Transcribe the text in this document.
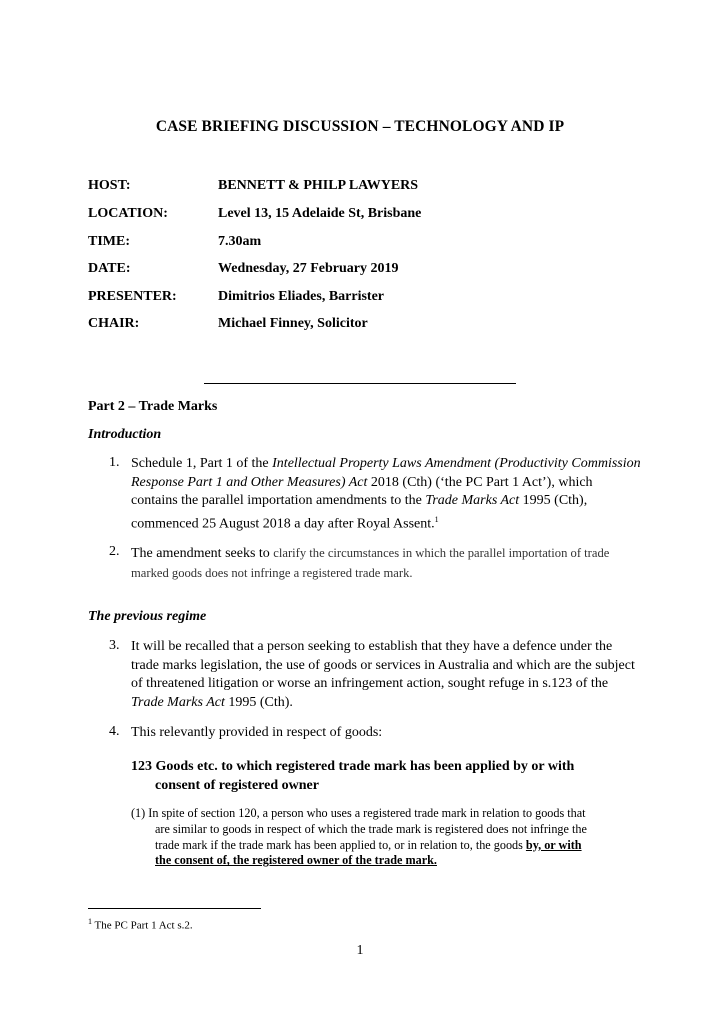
CASE BRIEFING DISCUSSION – TECHNOLOGY AND IP
HOST:	BENNETT & PHILP LAWYERS
LOCATION:	Level 13, 15 Adelaide St, Brisbane
TIME:	7.30am
DATE:	Wednesday, 27 February 2019
PRESENTER:	Dimitrios Eliades, Barrister
CHAIR:	Michael Finney, Solicitor
Part 2 – Trade Marks
Introduction
1. Schedule 1, Part 1 of the Intellectual Property Laws Amendment (Productivity Commission Response Part 1 and Other Measures) Act 2018 (Cth) (‘the PC Part 1 Act’), which contains the parallel importation amendments to the Trade Marks Act 1995 (Cth), commenced 25 August 2018 a day after Royal Assent.$^1$
2. The amendment seeks to clarify the circumstances in which the parallel importation of trade marked goods does not infringe a registered trade mark.
The previous regime
3. It will be recalled that a person seeking to establish that they have a defence under the trade marks legislation, the use of goods or services in Australia and which are the subject of threatened litigation or worse an infringement action, sought refuge in s.123 of the Trade Marks Act 1995 (Cth).
4. This relevantly provided in respect of goods:
123 Goods etc. to which registered trade mark has been applied by or with
consent of registered owner
(1) In spite of section 120, a person who uses a registered trade mark in relation to goods that
are similar to goods in respect of which the trade mark is registered does not infringe the
trade mark if the trade mark has been applied to, or in relation to, the goods by, or with
the consent of, the registered owner of the trade mark.
$^1$ The PC Part 1 Act s.2.
1
